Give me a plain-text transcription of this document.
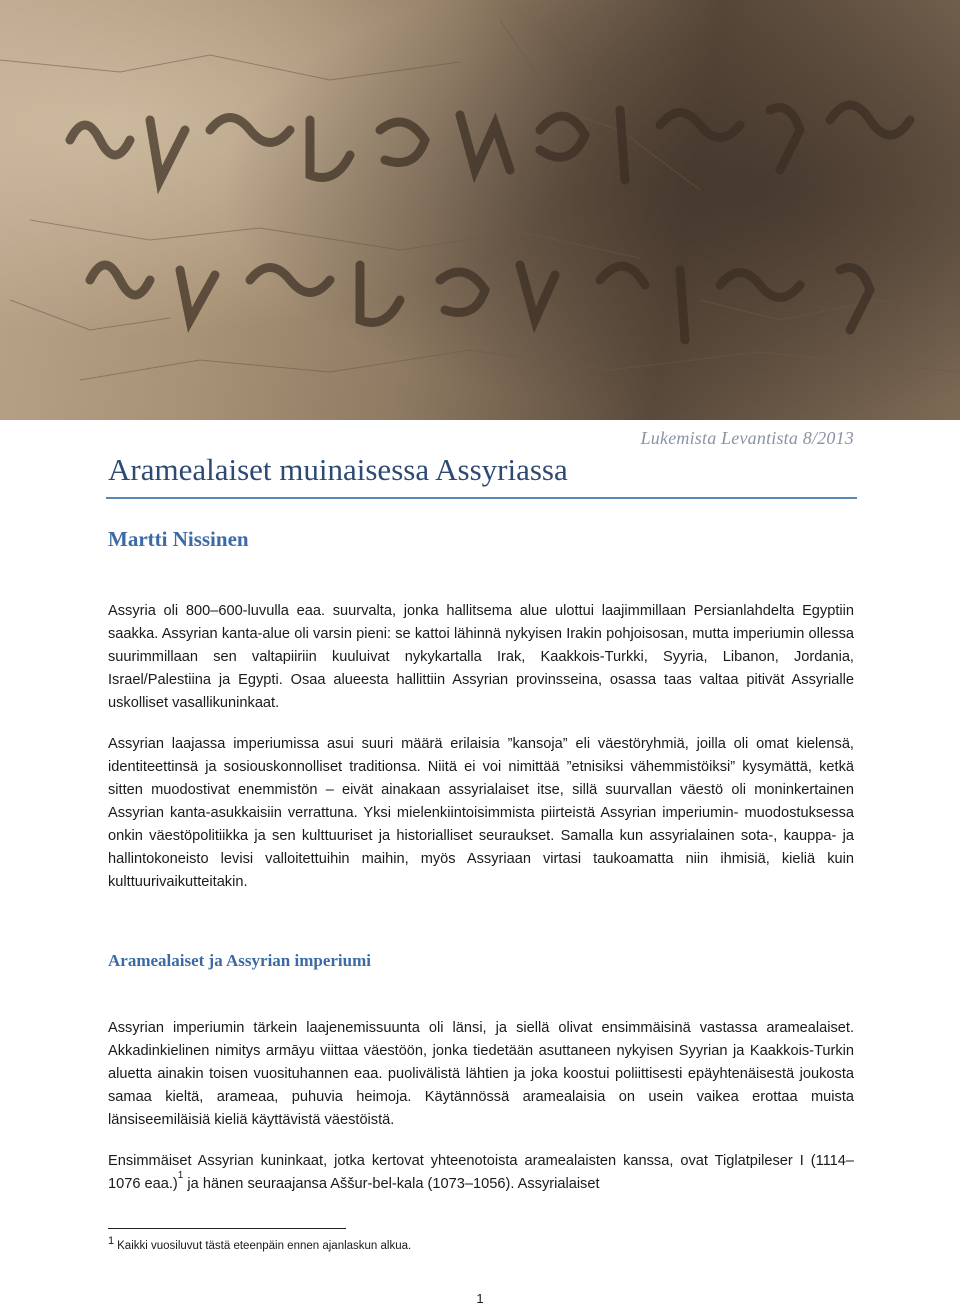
Lukemista Levantista 8/2013
Aramealaiset muinaisessa Assyriassa
Martti Nissinen

Assyria oli 800–600-luvulla eaa. suurvalta, jonka hallitsema alue ulottui laajimmillaan Persianlahdelta Egyptiin saakka. Assyrian kanta-alue oli varsin pieni: se kattoi lähinnä nykyisen Irakin pohjoisosan, mutta imperiumin ollessa suurimmillaan sen valtapiiriin kuuluivat nykykartalla Irak, Kaakkois-Turkki, Syyria, Libanon, Jordania, Israel/Palestiina ja Egypti. Osaa alueesta hallittiin Assyrian provinsseina, osassa taas valtaa pitivät Assyrialle uskolliset vasallikuninkaat.

Assyrian laajassa imperiumissa asui suuri määrä erilaisia ”kansoja” eli väestöryhmiä, joilla oli omat kielensä, identiteettinsä ja sosiouskonnolliset traditionsa. Niitä ei voi nimittää ”etnisiksi vähemmistöiksi” kysymättä, ketkä sitten muodostivat enemmistön – eivät ainakaan assyrialaiset itse, sillä suurvallan väestö oli moninkertainen Assyrian kanta-asukkaisiin verrattuna. Yksi mielenkiintoisimmista piirteistä Assyrian imperiumin- muodostuksessa onkin väestöpolitiikka ja sen kulttuuriset ja historialliset seuraukset. Samalla kun assyrialainen sota-, kauppa- ja hallintokoneisto levisi valloitettuihin maihin, myös Assyriaan virtasi taukoamatta niin ihmisiä, kieliä kuin kulttuurivaikutteitakin.

Aramealaiset ja Assyrian imperiumi

Assyrian imperiumin tärkein laajenemissuunta oli länsi, ja siellä olivat ensimmäisinä vastassa aramealaiset. Akkadinkielinen nimitys armāyu viittaa väestöön, jonka tiedetään asuttaneen nykyisen Syyrian ja Kaakkois-Turkin aluetta ainakin toisen vuosituhannen eaa. puolivälistä lähtien ja joka koostui poliittisesti epäyhtenäisestä joukosta samaa kieltä, arameaa, puhuvia heimoja. Käytännössä aramealaisia on usein vaikea erottaa muista länsiseemiläisiä kieliä käyttävistä väestöistä.

Ensimmäiset Assyrian kuninkaat, jotka kertovat yhteenotoista aramealaisten kanssa, ovat Tiglatpileser I (1114–1076 eaa.)$^1$ ja hänen seuraajansa Aššur-bel-kala (1073–1056). Assyrialaiset

1 Kaikki vuosiluvut tästä eteenpäin ennen ajanlaskun alkua.

1
